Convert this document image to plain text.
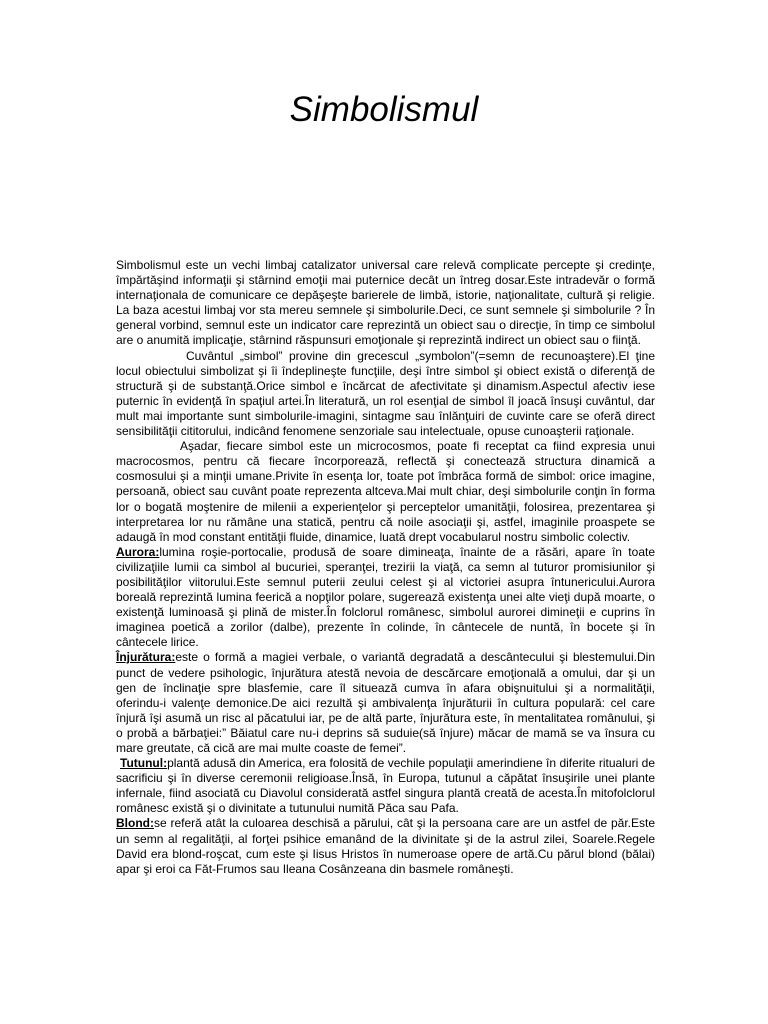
Simbolismul

Simbolismul este un vechi limbaj catalizator universal care relevă complicate percepte şi credinţe, împărtăşind informaţii şi stârnind emoţii mai puternice decât un întreg dosar.Este intradevăr o formă internaţionala de comunicare ce depăşeşte barierele de limbă, istorie, naţionalitate, cultură şi religie. La baza acestui limbaj vor sta mereu semnele şi simbolurile.Deci, ce sunt semnele şi simbolurile ? În general vorbind, semnul este un indicator care reprezintă un obiect sau o direcţie, în timp ce simbolul are o anumită implicaţie, stârnind răspunsuri emoţionale şi reprezintă indirect un obiect sau o fiinţă.

Cuvântul „simbol” provine din grecescul „symbolon”(=semn de recunoaştere).El ţine locul obiectului simbolizat şi îi îndeplineşte funcţiile, deşi între simbol şi obiect există o diferenţă de structură şi de substanţă.Orice simbol e încărcat de afectivitate şi dinamism.Aspectul afectiv iese puternic în evidenţă în spaţiul artei.În literatură, un rol esenţial de simbol îl joacă însuşi cuvântul, dar mult mai importante sunt simbolurile-imagini, sintagme sau înlănţuiri de cuvinte care se oferă direct sensibilităţii cititorului, indicând fenomene senzoriale sau intelectuale, opuse cunoaşterii raţionale.

Aşadar, fiecare simbol este un microcosmos, poate fi receptat ca fiind expresia unui macrocosmos, pentru că fiecare încorporează, reflectă şi conectează structura dinamică a cosmosului şi a minţii umane.Privite în esenţa lor, toate pot îmbrăca formă de simbol: orice imagine, persoană, obiect sau cuvânt poate reprezenta altceva.Mai mult chiar, deşi simbolurile conţin în forma lor o bogată moştenire de milenii a experienţelor şi perceptelor umanităţii, folosirea, prezentarea şi interpretarea lor nu rămâne una statică, pentru că noile asociaţii şi, astfel, imaginile proaspete se adaugă în mod constant entităţii fluide, dinamice, luată drept vocabularul nostru simbolic colectiv.

Aurora:lumina roşie-portocalie, produsă de soare dimineaţa, înainte de a răsări, apare în toate civilizaţiile lumii ca simbol al bucuriei, speranţei, trezirii la viaţă, ca semn al tuturor promisiunilor şi posibilităţilor viitorului.Este semnul puterii zeului celest şi al victoriei asupra întunericului.Aurora boreală reprezintă lumina feerică a nopţilor polare, sugerează existenţa unei alte vieţi după moarte, o existenţă luminoasă şi plină de mister.În folclorul românesc, simbolul aurorei dimineţii e cuprins în imaginea poetică a zorilor (dalbe), prezente în colinde, în cântecele de nuntă, în bocete şi în cântecele lirice.

Înjurătura:este o formă a magiei verbale, o variantă degradată a descântecului şi blestemului.Din punct de vedere psihologic, înjurătura atestă nevoia de descărcare emoţională a omului, dar şi un gen de înclinaţie spre blasfemie, care îl situează cumva în afara obişnuitului şi a normalităţii, oferindu-i valenţe demonice.De aici rezultă şi ambivalenţa înjurăturii în cultura populară: cel care înjură îşi asumă un risc al păcatului iar, pe de altă parte, înjurătura este, în mentalitatea românului, şi o probă a bărbaţiei:” Băiatul care nu-i deprins să suduie(să înjure) măcar de mamă se va însura cu mare greutate, că cică are mai multe coaste de femei”.

Tutunul:plantă adusă din America, era folosită de vechile populaţii amerindiene în diferite ritualuri de sacrificiu şi în diverse ceremonii religioase.Însă, în Europa, tutunul a căpătat însuşirile unei plante infernale, fiind asociată cu Diavolul considerată astfel singura plantă creată de acesta.În mitofolclorul românesc există şi o divinitate a tutunului numită Păca sau Pafa.

Blond:se referă atât la culoarea deschisă a părului, cât şi la persoana care are un astfel de păr.Este un semn al regalităţii, al forţei psihice emanând de la divinitate şi de la astrul zilei, Soarele.Regele David era blond-roşcat, cum este şi Iisus Hristos în numeroase opere de artă.Cu părul blond (bălai) apar şi eroi ca Făt-Frumos sau Ileana Cosânzeana din basmele româneşti.
